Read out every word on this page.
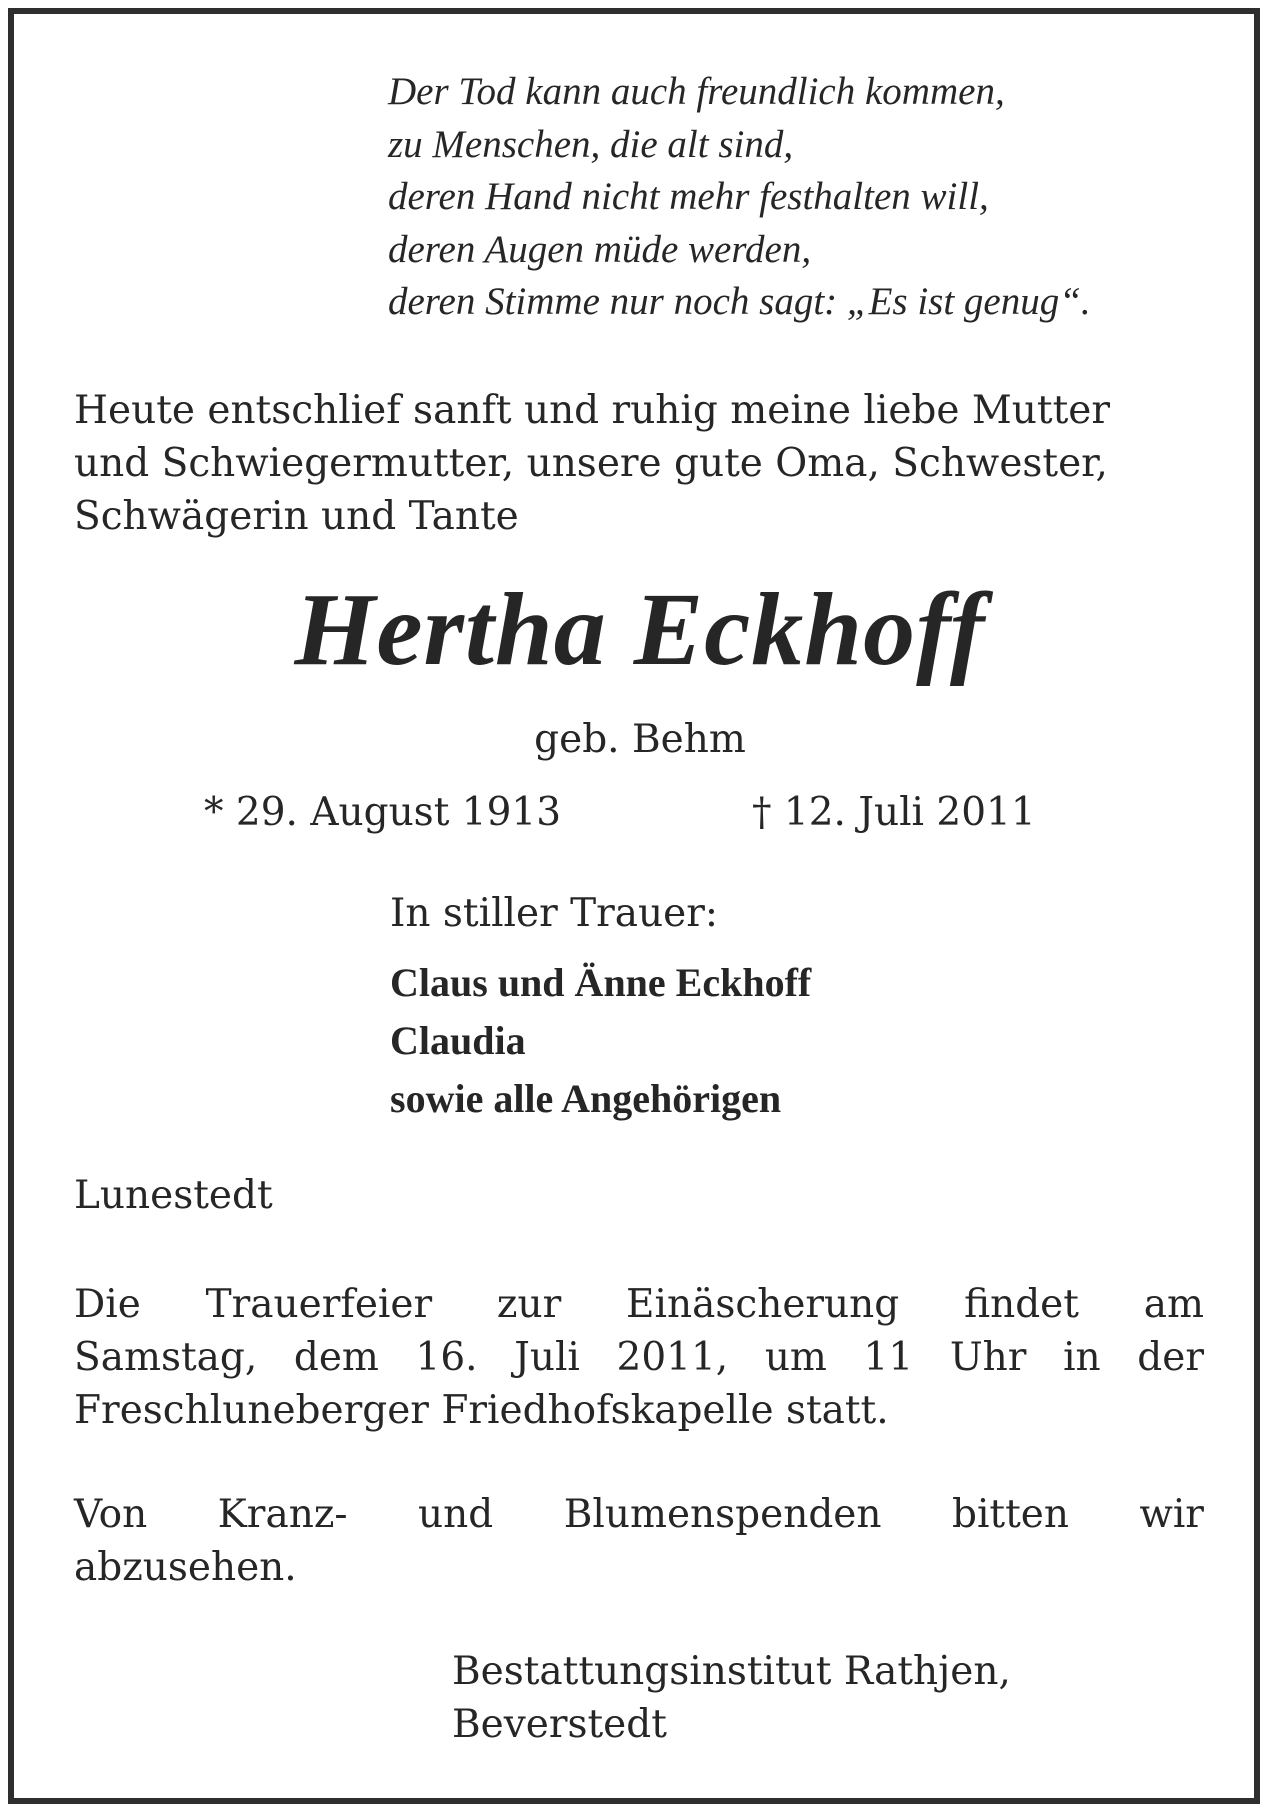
Der Tod kann auch freundlich kommen,
zu Menschen, die alt sind,
deren Hand nicht mehr festhalten will,
deren Augen müde werden,
deren Stimme nur noch sagt: „Es ist genug“.
Heute entschlief sanft und ruhig meine liebe Mutter
und Schwiegermutter, unsere gute Oma, Schwester,
Schwägerin und Tante
Hertha Eckhoff
geb. Behm
* 29. August 1913	† 12. Juli 2011
In stiller Trauer:
Claus und Änne Eckhoff
Claudia
sowie alle Angehörigen
Lunestedt
Die Trauerfeier zur Einäscherung findet am
Samstag, dem 16. Juli 2011, um 11 Uhr in der
Freschluneberger Friedhofskapelle statt.
Von Kranz- und Blumenspenden bitten wir
abzusehen.
Bestattungsinstitut Rathjen,
Beverstedt
